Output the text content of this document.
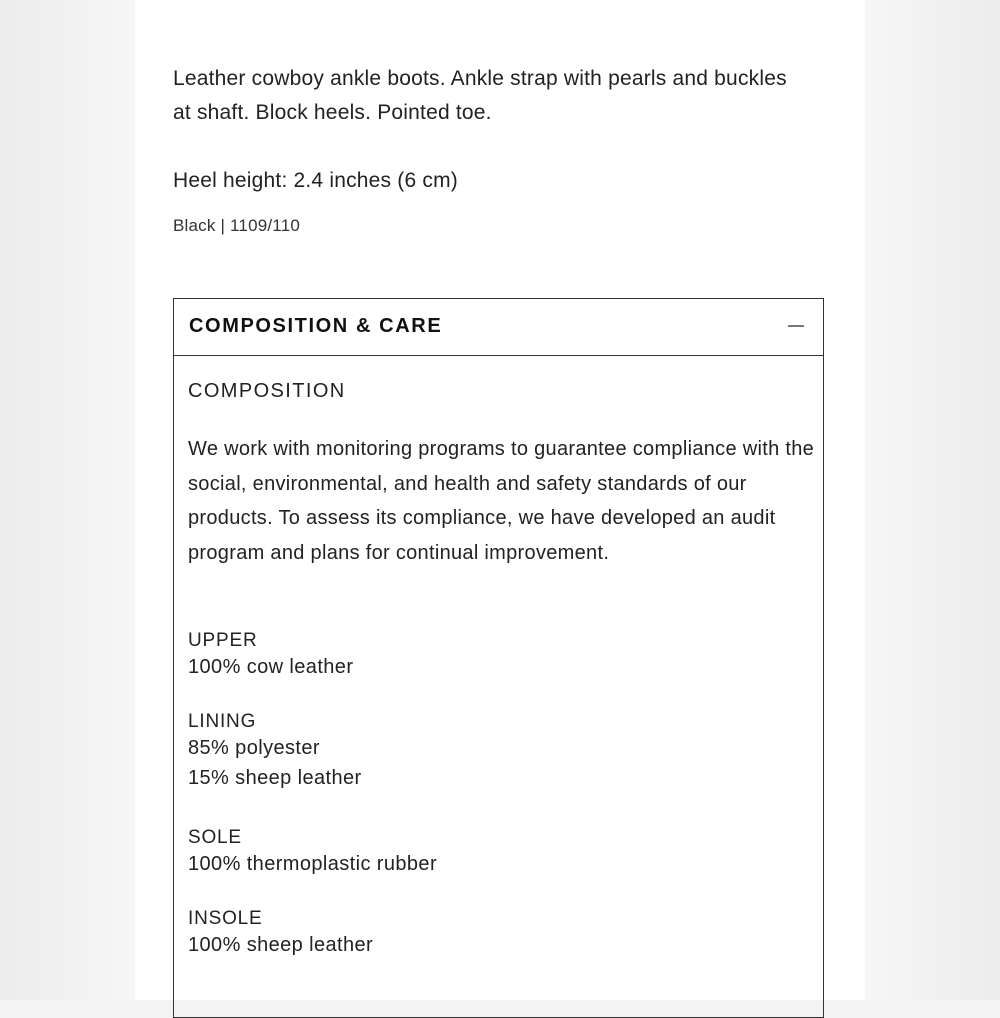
Leather cowboy ankle boots. Ankle strap with pearls and buckles at shaft. Block heels. Pointed toe.
Heel height: 2.4 inches (6 cm)
Black | 1109/110
COMPOSITION & CARE
COMPOSITION
We work with monitoring programs to guarantee compliance with the social, environmental, and health and safety standards of our products. To assess its compliance, we have developed an audit program and plans for continual improvement.

UPPER

100% cow leather

LINING

85% polyester

15% sheep leather

SOLE

100% thermoplastic rubber

INSOLE

100% sheep leather
